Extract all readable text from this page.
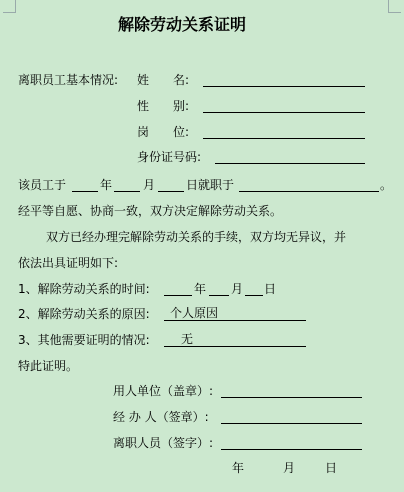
解除劳动关系证明
离职员工基本情况: 姓　　名:
性　　别:
岗　　位:
身份证号码:
该员工于	年	月	日就职于	。
经平等自愿、协商一致，双方决定解除劳动关系。
双方已经办理完解除劳动关系的手续，双方均无异议，并
依法出具证明如下:
1、解除劳动关系的时间:	年 月 日
2、解除劳动关系的原因: 个人原因
3、其他需要证明的情况:	无
特此证明。
用人单位（盖章）:
经 办 人（签章）:
离职人员（签字）:
年	月 日
